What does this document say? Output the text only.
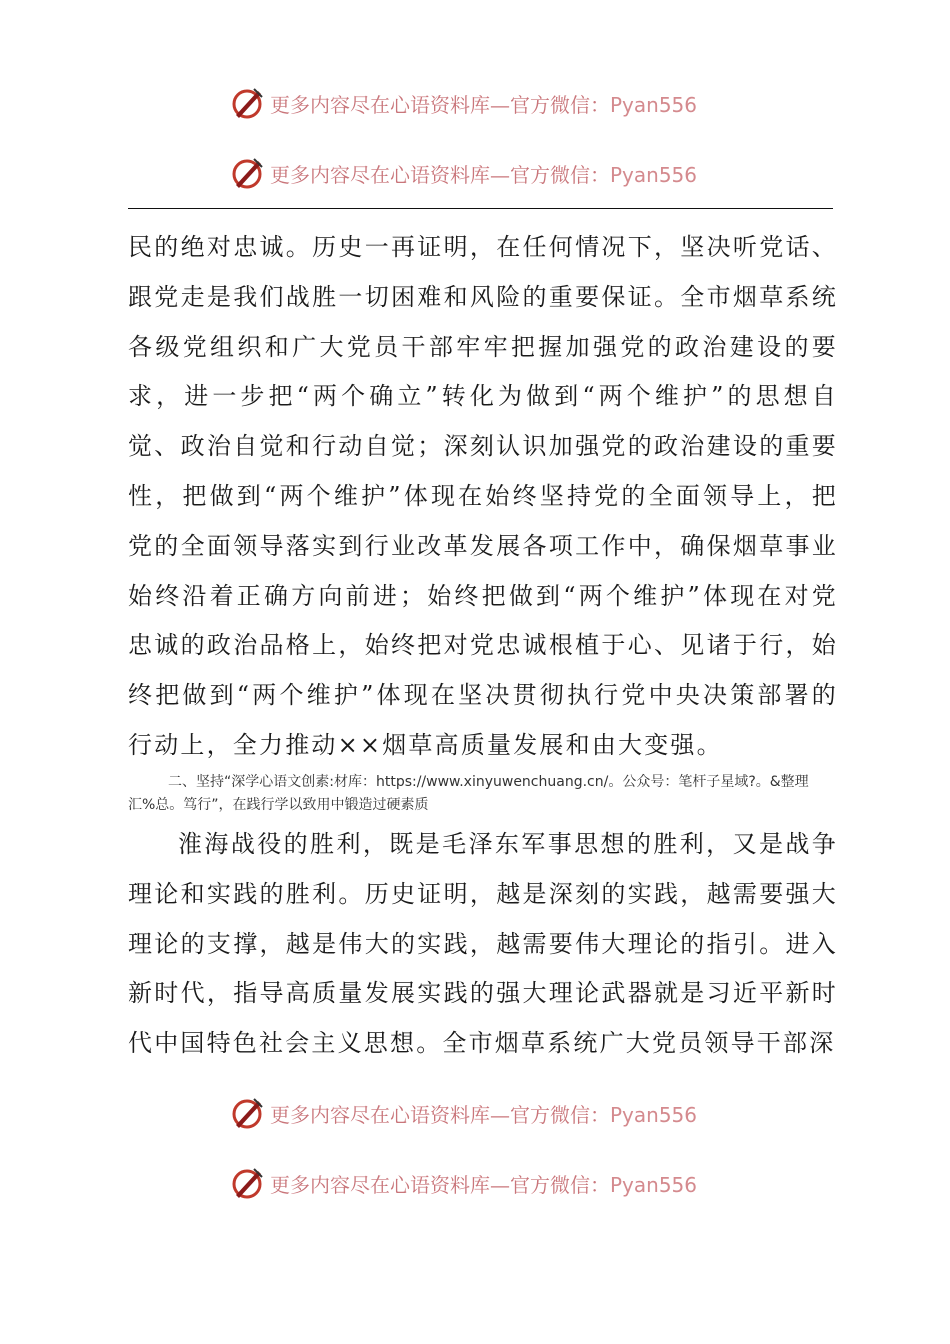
更多内容尽在心语资料库—官方微信：Pyan556
更多内容尽在心语资料库—官方微信：Pyan556

民的绝对忠诚。历史一再证明，在任何情况下，坚决听党话、跟党走是我们战胜一切困难和风险的重要保证。全市烟草系统各级党组织和广大党员干部牢牢把握加强党的政治建设的要求，进一步把“两个确立”转化为做到“两个维护”的思想自觉、政治自觉和行动自觉；深刻认识加强党的政治建设的重要性，把做到“两个维护”体现在始终坚持党的全面领导上，把党的全面领导落实到行业改革发展各项工作中，确保烟草事业始终沿着正确方向前进；始终把做到“两个维护”体现在对党忠诚的政治品格上，始终把对党忠诚根植于心、见诸于行，始终把做到“两个维护”体现在坚决贯彻执行党中央决策部署的行动上，全力推动××烟草高质量发展和由大变强。

二、坚持“深学心语文创素:材库：https://www.xinyuwenchuang.cn/。公众号：笔杆子星域?。&整理汇%总。笃行”，在践行学以致用中锻造过硬素质

淮海战役的胜利，既是毛泽东军事思想的胜利，又是战争理论和实践的胜利。历史证明，越是深刻的实践，越需要强大理论的支撑，越是伟大的实践，越需要伟大理论的指引。进入新时代，指导高质量发展实践的强大理论武器就是习近平新时代中国特色社会主义思想。全市烟草系统广大党员领导干部深

更多内容尽在心语资料库—官方微信：Pyan556
更多内容尽在心语资料库—官方微信：Pyan556
